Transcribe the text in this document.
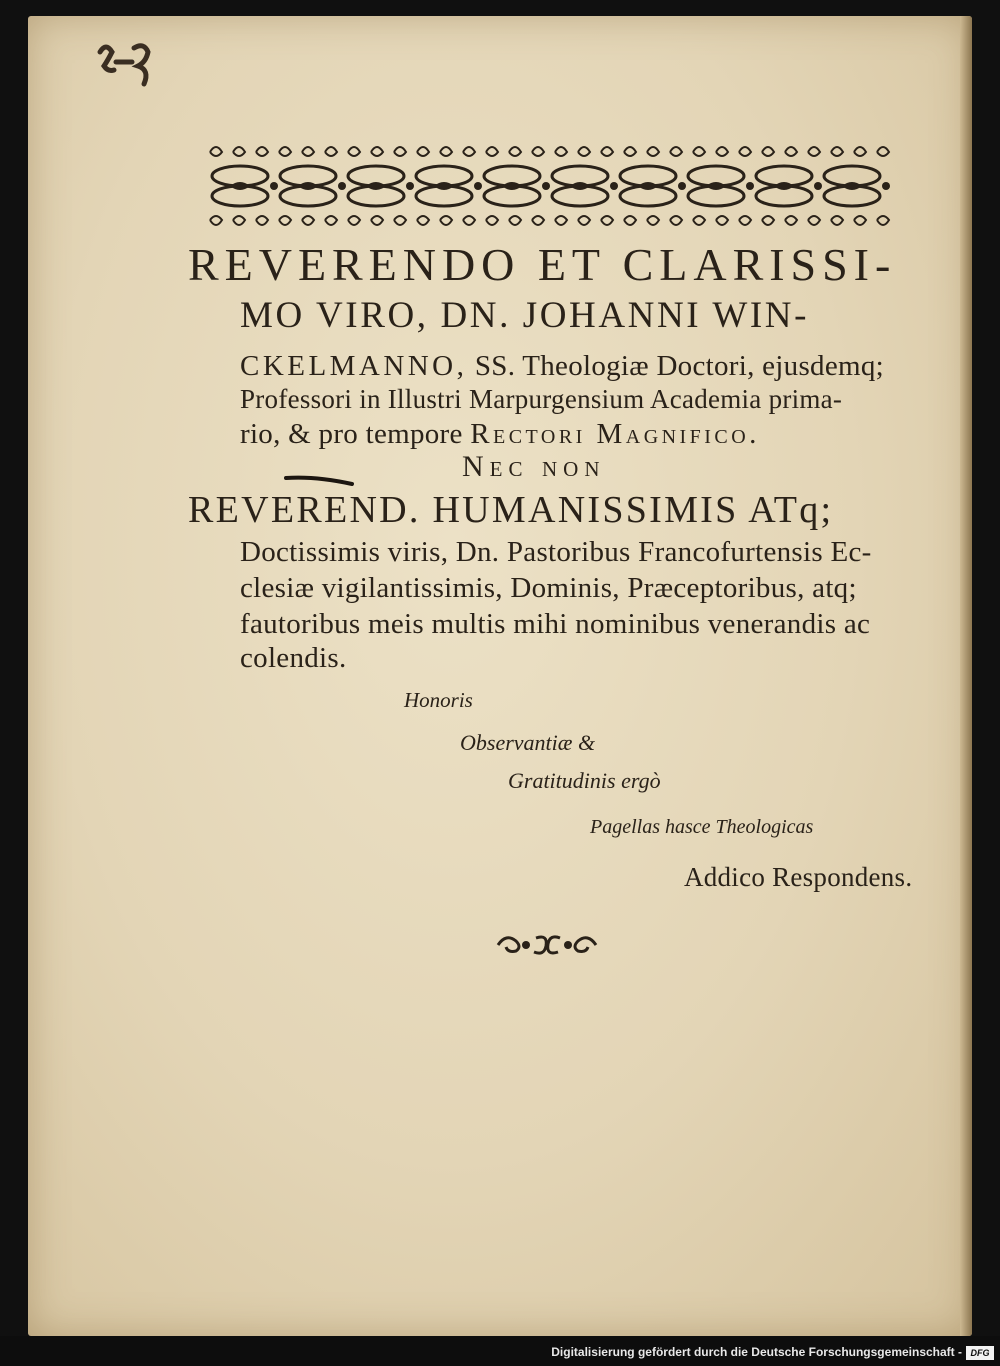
REVERENDO ET CLARISSI-

MO VIRO, DN. JOHANNI WIN-

CKELMANNO, SS. Theologiæ Doctori, ejusdemq;

Professori in Illustri Marpurgensium Academia prima-

rio, & pro tempore Rectori Magnifico.

Nec non

REVEREND. HUMANISSIMIS ATq;

Doctissimis viris, Dn. Pastoribus Francofurtensis Ec-

clesiæ vigilantissimis, Dominis, Præceptoribus, atq;

fautoribus meis multis mihi nominibus venerandis ac

colendis.

Honoris

Observantiæ &

Gratitudinis ergò

Pagellas hasce Theologicas

Addico Respondens.

Digitalisierung gefördert durch die Deutsche Forschungsgemeinschaft - DFG
